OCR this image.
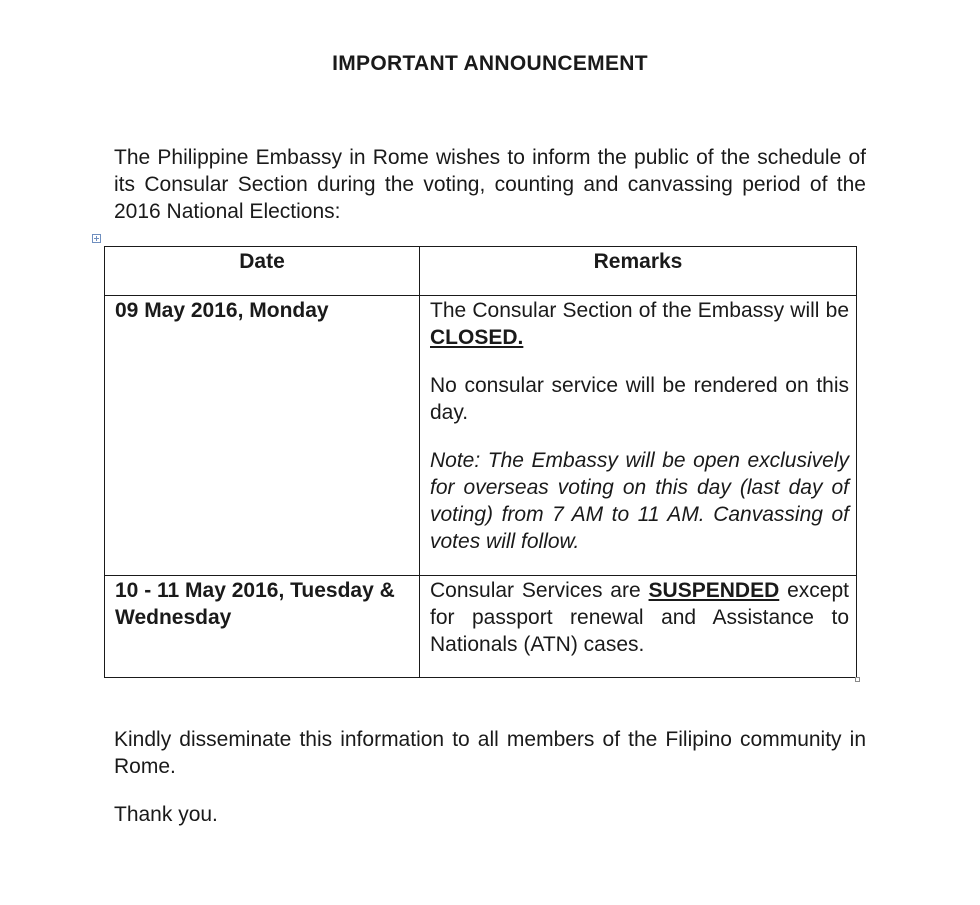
IMPORTANT ANNOUNCEMENT

The Philippine Embassy in Rome wishes to inform the public of the schedule of its Consular Section during the voting, counting and canvassing period of the 2016 National Elections:

Date	Remarks

09 May 2016, Monday	The Consular Section of the Embassy will be CLOSED.

No consular service will be rendered on this day.

Note: The Embassy will be open exclusively for overseas voting on this day (last day of voting) from 7 AM to 11 AM. Canvassing of votes will follow.

10 - 11 May 2016, Tuesday & Wednesday	Consular Services are SUSPENDED except for passport renewal and Assistance to Nationals (ATN) cases.

Kindly disseminate this information to all members of the Filipino community in Rome.

Thank you.
